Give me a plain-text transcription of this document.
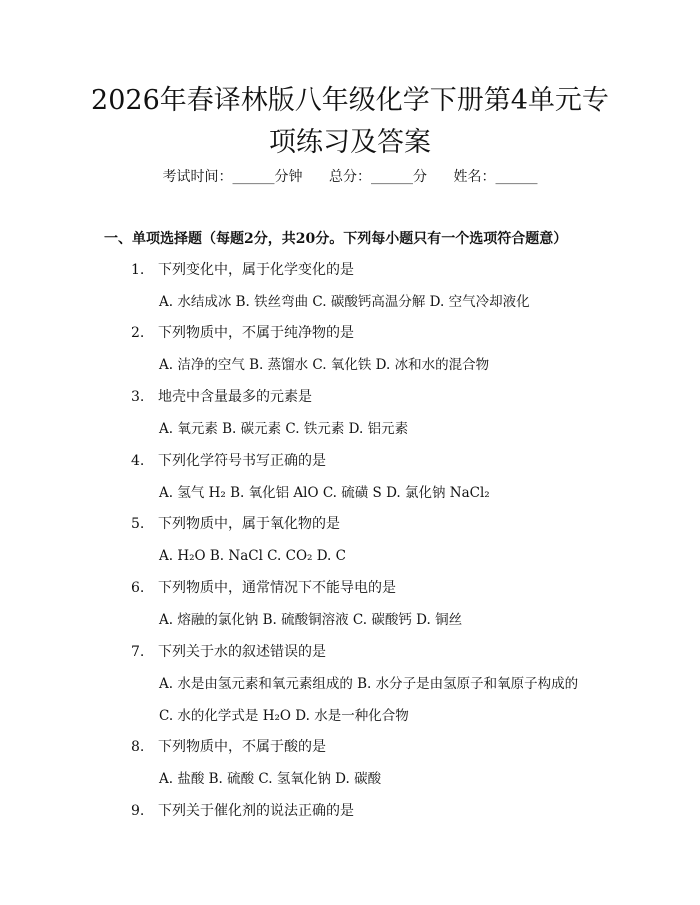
2026年春译林版八年级化学下册第4单元专
项练习及答案
考试时间：______分钟 总分：______分 姓名：______
一、单项选择题（每题2分，共20分。下列每小题只有一个选项符合题意）
1. 下列变化中，属于化学变化的是
A. 水结成冰 B. 铁丝弯曲 C. 碳酸钙高温分解 D. 空气冷却液化
2. 下列物质中，不属于纯净物的是
A. 洁净的空气 B. 蒸馏水 C. 氧化铁 D. 冰和水的混合物
3. 地壳中含量最多的元素是
A. 氧元素 B. 碳元素 C. 铁元素 D. 铝元素
4. 下列化学符号书写正确的是
A. 氢气 H₂ B. 氧化铝 AlO C. 硫磺 S D. 氯化钠 NaCl₂
5. 下列物质中，属于氧化物的是
A. H₂O B. NaCl C. CO₂ D. C
6. 下列物质中，通常情况下不能导电的是
A. 熔融的氯化钠 B. 硫酸铜溶液 C. 碳酸钙 D. 铜丝
7. 下列关于水的叙述错误的是
A. 水是由氢元素和氧元素组成的 B. 水分子是由氢原子和氧原子构成的
C. 水的化学式是 H₂O D. 水是一种化合物
8. 下列物质中，不属于酸的是
A. 盐酸 B. 硫酸 C. 氢氧化钠 D. 碳酸
9. 下列关于催化剂的说法正确的是
